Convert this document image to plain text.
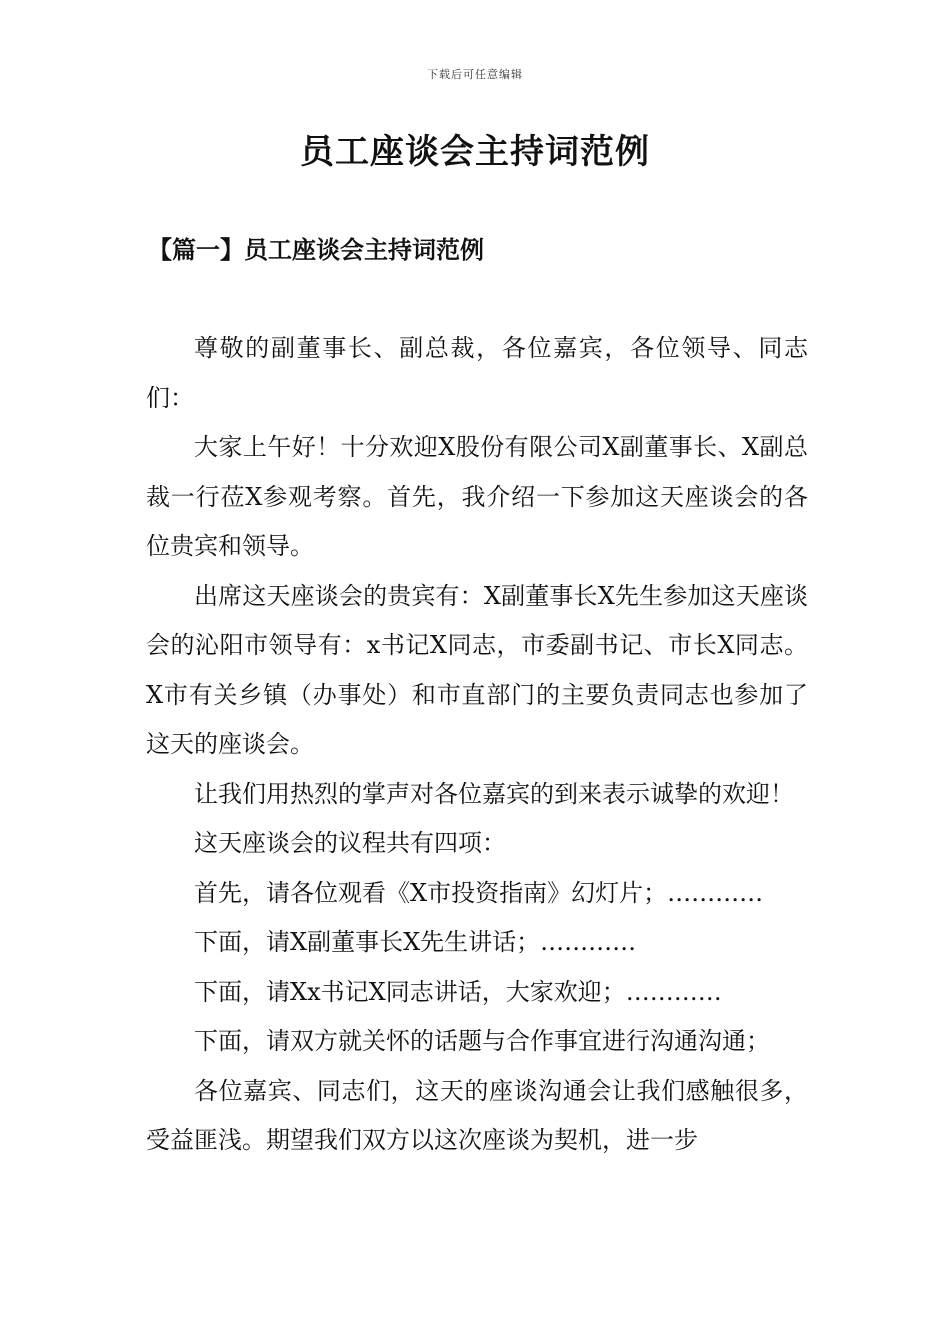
下载后可任意编辑
员工座谈会主持词范例
【篇一】员工座谈会主持词范例

尊敬的副董事长、副总裁，各位嘉宾，各位领导、同志们：

大家上午好！十分欢迎X股份有限公司X副董事长、X副总裁一行莅X参观考察。首先，我介绍一下参加这天座谈会的各位贵宾和领导。

出席这天座谈会的贵宾有：X副董事长X先生参加这天座谈会的沁阳市领导有：x书记X同志，市委副书记、市长X同志。X市有关乡镇（办事处）和市直部门的主要负责同志也参加了这天的座谈会。

让我们用热烈的掌声对各位嘉宾的到来表示诚挚的欢迎！

这天座谈会的议程共有四项：

首先，请各位观看《X市投资指南》幻灯片；…………

下面，请X副董事长X先生讲话；…………

下面，请Xx书记X同志讲话，大家欢迎；…………

下面，请双方就关怀的话题与合作事宜进行沟通沟通；

各位嘉宾、同志们，这天的座谈沟通会让我们感触很多，受益匪浅。期望我们双方以这次座谈为契机，进一步
